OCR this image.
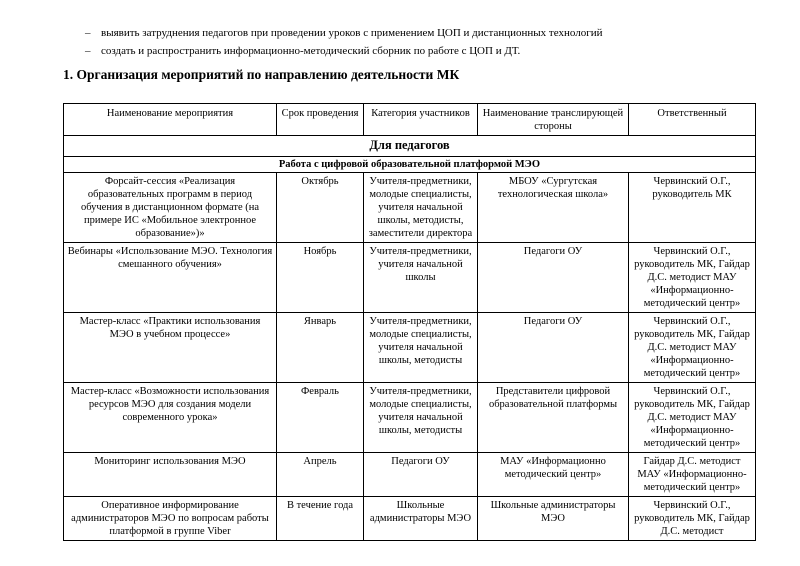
– выявить затруднения педагогов при проведении уроков с применением ЦОП и дистанционных технологий
– создать и распространить информационно-методический сборник по работе с ЦОП и ДТ.
1. Организация мероприятий по направлению деятельности МК
Наименование мероприятия	Срок проведения	Категория участников	Наименование транслирующей стороны	Ответственный
Для педагогов				
Работа с цифровой образовательной платформой МЭО				
Форсайт-сессия «Реализация образовательных программ в период обучения в дистанционном формате (на примере ИС «Мобильное электронное образование»)»	Октябрь	Учителя-предметники, молодые специалисты, учителя начальной школы, методисты, заместители директора	МБОУ «Сургутская технологическая школа»	Червинский О.Г., руководитель МК
Вебинары «Использование МЭО. Технология смешанного обучения»	Ноябрь	Учителя-предметники, учителя начальной школы	Педагоги ОУ	Червинский О.Г., руководитель МК, Гайдар Д.С. методист МАУ «Информационно-методический центр»
Мастер-класс «Практики использования МЭО в учебном процессе»	Январь	Учителя-предметники, молодые специалисты, учителя начальной школы, методисты	Педагоги ОУ	Червинский О.Г., руководитель МК, Гайдар Д.С. методист МАУ «Информационно-методический центр»
Мастер-класс «Возможности использования ресурсов МЭО для создания модели современного урока»	Февраль	Учителя-предметники, молодые специалисты, учителя начальной школы, методисты	Представители цифровой образовательной платформы	Червинский О.Г., руководитель МК, Гайдар Д.С. методист МАУ «Информационно-методический центр»
Мониторинг использования МЭО	Апрель	Педагоги ОУ	МАУ «Информационно методический центр»	Гайдар Д.С. методист МАУ «Информационно-методический центр»
Оперативное информирование администраторов МЭО по вопросам работы платформой в группе Viber	В течение года	Школьные администраторы МЭО	Школьные администраторы МЭО	Червинский О.Г., руководитель МК, Гайдар Д.С. методист
